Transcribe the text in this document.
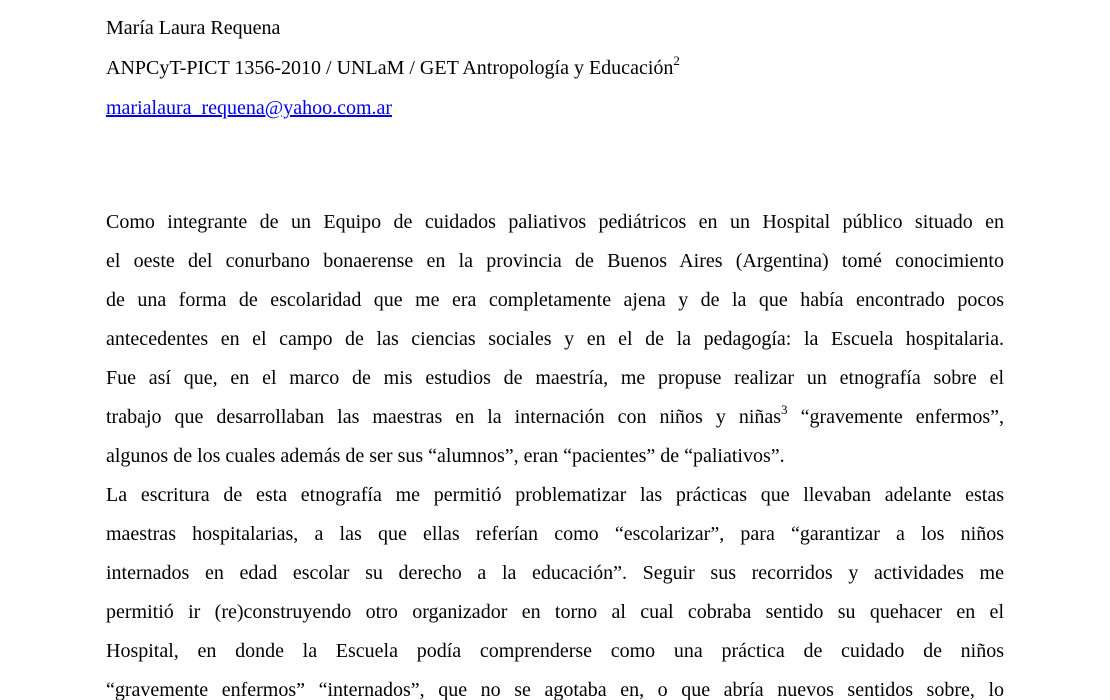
María Laura Requena
ANPCyT-PICT 1356-2010 / UNLaM / GET Antropología y Educación$^2$
marialaura_requena@yahoo.com.ar
Como integrante de un Equipo de cuidados paliativos pediátricos en un Hospital público situado en
el oeste del conurbano bonaerense en la provincia de Buenos Aires (Argentina) tomé conocimiento
de una forma de escolaridad que me era completamente ajena y de la que había encontrado pocos
antecedentes en el campo de las ciencias sociales y en el de la pedagogía: la Escuela hospitalaria.
Fue así que, en el marco de mis estudios de maestría, me propuse realizar un etnografía sobre el
trabajo que desarrollaban las maestras en la internación con niños y niñas$^3$ “gravemente enfermos”,
algunos de los cuales además de ser sus “alumnos”, eran “pacientes” de “paliativos”.
La escritura de esta etnografía me permitió problematizar las prácticas que llevaban adelante estas
maestras hospitalarias, a las que ellas referían como “escolarizar”, para “garantizar a los niños
internados en edad escolar su derecho a la educación”. Seguir sus recorridos y actividades me
permitió ir (re)construyendo otro organizador en torno al cual cobraba sentido su quehacer en el
Hospital, en donde la Escuela podía comprenderse como una práctica de cuidado de niños
“gravemente enfermos” “internados”, que no se agotaba en, o que abría nuevos sentidos sobre, lo
